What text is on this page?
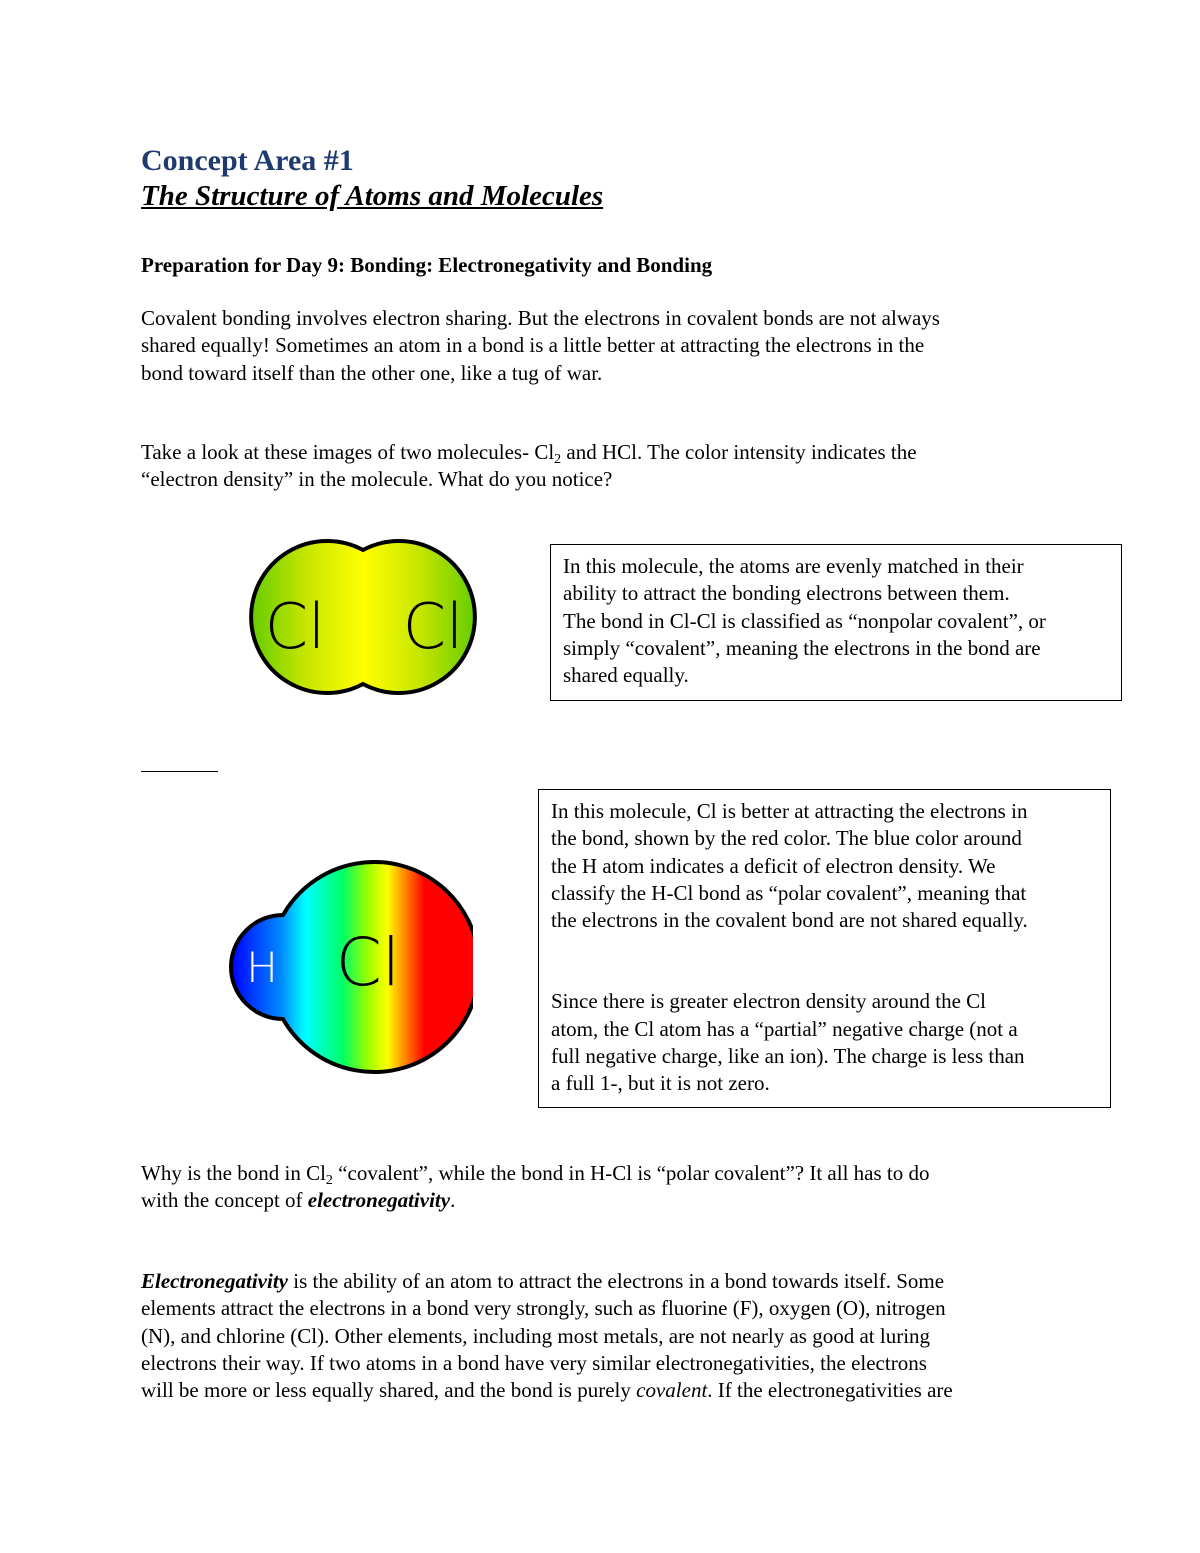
Concept Area #1
The Structure of Atoms and Molecules
Preparation for Day 9: Bonding: Electronegativity and Bonding

Covalent bonding involves electron sharing. But the electrons in covalent bonds are not always

shared equally! Sometimes an atom in a bond is a little better at attracting the electrons in the

bond toward itself than the other one, like a tug of war.

Take a look at these images of two molecules- $Cl_2$ and HCl. The color intensity indicates the

“electron density” in the molecule. What do you notice?

Cl Cl

In this molecule, the atoms are evenly matched in their

ability to attract the bonding electrons between them.

The bond in Cl-Cl is classified as “nonpolar covalent”, or

simply “covalent”, meaning the electrons in the bond are

shared equally.

H Cl

In this molecule, Cl is better at attracting the electrons in

the bond, shown by the red color. The blue color around

the H atom indicates a deficit of electron density. We

classify the H-Cl bond as “polar covalent”, meaning that

the electrons in the covalent bond are not shared equally.

Since there is greater electron density around the Cl

atom, the Cl atom has a “partial” negative charge (not a

full negative charge, like an ion). The charge is less than

a full 1-, but it is not zero.

Why is the bond in $Cl_2$ “covalent”, while the bond in H-Cl is “polar covalent”? It all has to do

with the concept of electronegativity.

Electronegativity is the ability of an atom to attract the electrons in a bond towards itself. Some

elements attract the electrons in a bond very strongly, such as fluorine (F), oxygen (O), nitrogen

(N), and chlorine (Cl). Other elements, including most metals, are not nearly as good at luring

electrons their way. If two atoms in a bond have very similar electronegativities, the electrons

will be more or less equally shared, and the bond is purely covalent. If the electronegativities are
